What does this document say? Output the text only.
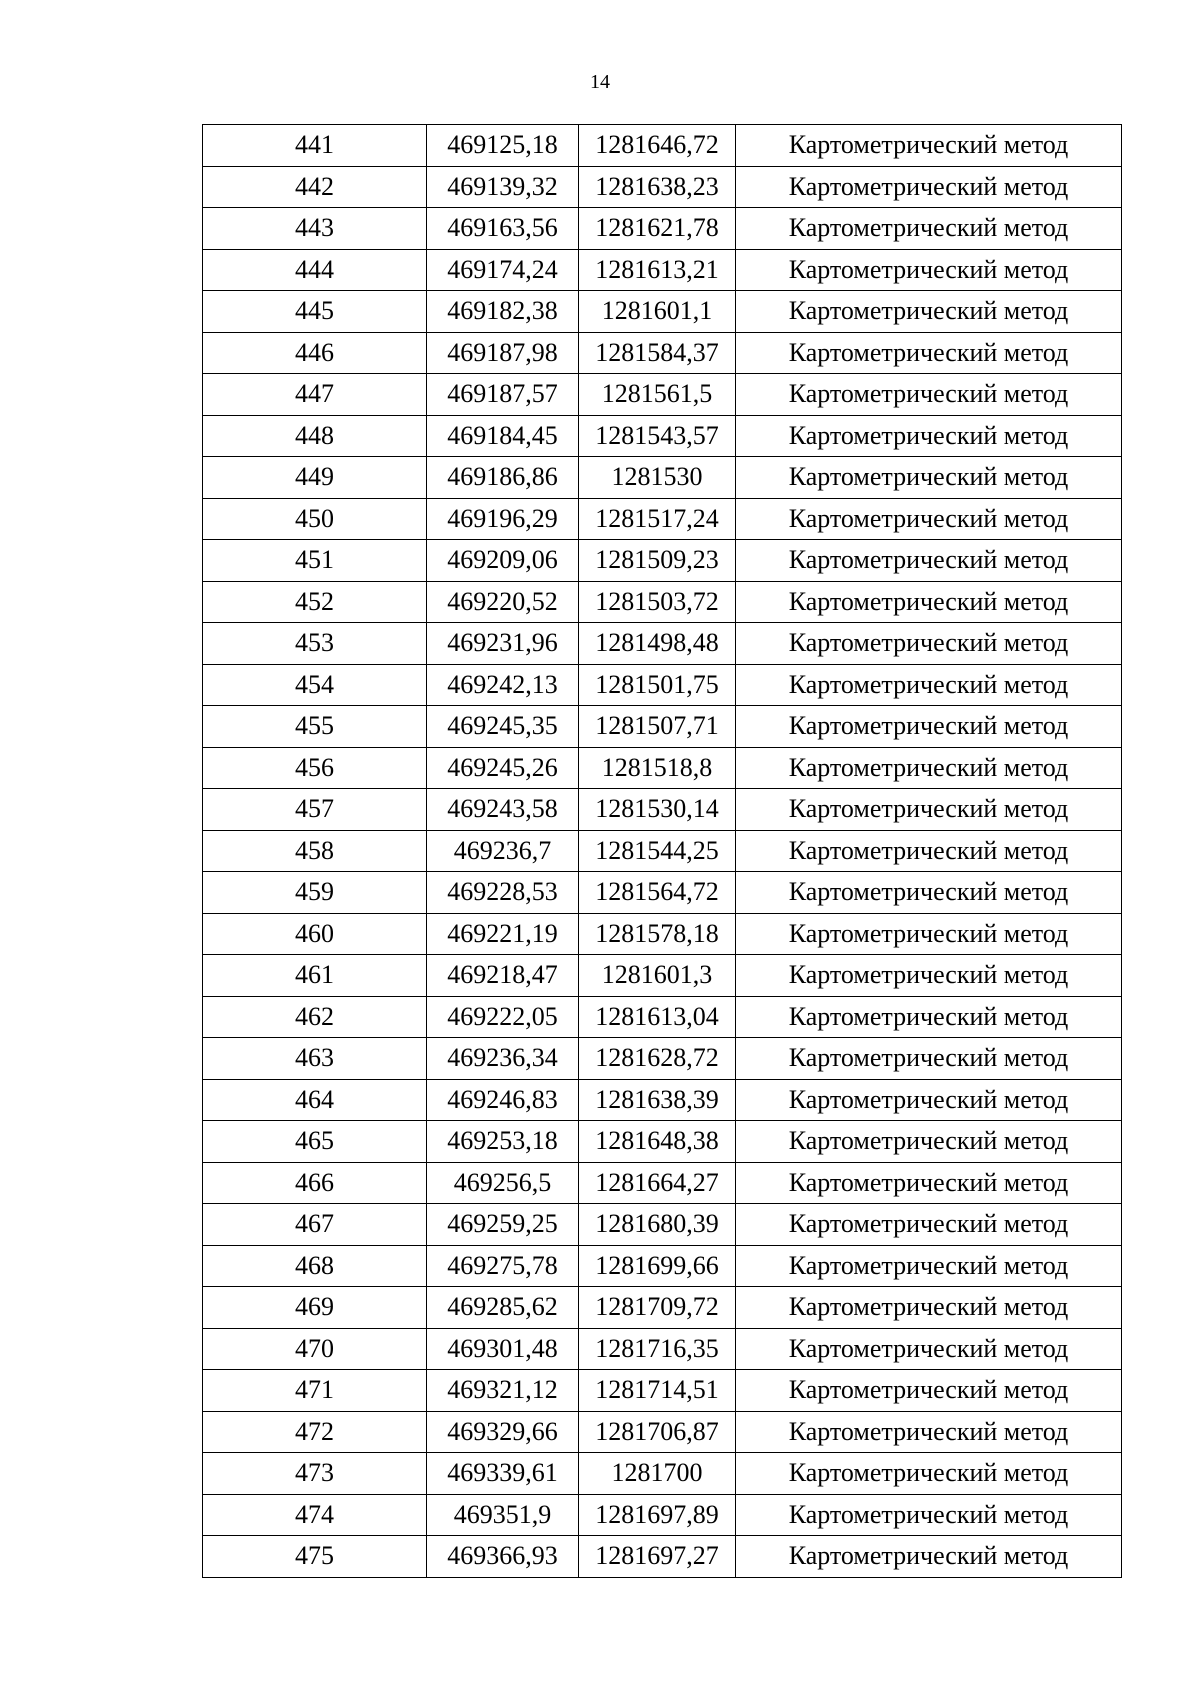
14
441	469125,18	1281646,72	Картометрический метод
442	469139,32	1281638,23	Картометрический метод
443	469163,56	1281621,78	Картометрический метод
444	469174,24	1281613,21	Картометрический метод
445	469182,38	1281601,1	Картометрический метод
446	469187,98	1281584,37	Картометрический метод
447	469187,57	1281561,5	Картометрический метод
448	469184,45	1281543,57	Картометрический метод
449	469186,86	1281530	Картометрический метод
450	469196,29	1281517,24	Картометрический метод
451	469209,06	1281509,23	Картометрический метод
452	469220,52	1281503,72	Картометрический метод
453	469231,96	1281498,48	Картометрический метод
454	469242,13	1281501,75	Картометрический метод
455	469245,35	1281507,71	Картометрический метод
456	469245,26	1281518,8	Картометрический метод
457	469243,58	1281530,14	Картометрический метод
458	469236,7	1281544,25	Картометрический метод
459	469228,53	1281564,72	Картометрический метод
460	469221,19	1281578,18	Картометрический метод
461	469218,47	1281601,3	Картометрический метод
462	469222,05	1281613,04	Картометрический метод
463	469236,34	1281628,72	Картометрический метод
464	469246,83	1281638,39	Картометрический метод
465	469253,18	1281648,38	Картометрический метод
466	469256,5	1281664,27	Картометрический метод
467	469259,25	1281680,39	Картометрический метод
468	469275,78	1281699,66	Картометрический метод
469	469285,62	1281709,72	Картометрический метод
470	469301,48	1281716,35	Картометрический метод
471	469321,12	1281714,51	Картометрический метод
472	469329,66	1281706,87	Картометрический метод
473	469339,61	1281700	Картометрический метод
474	469351,9	1281697,89	Картометрический метод
475	469366,93	1281697,27	Картометрический метод
